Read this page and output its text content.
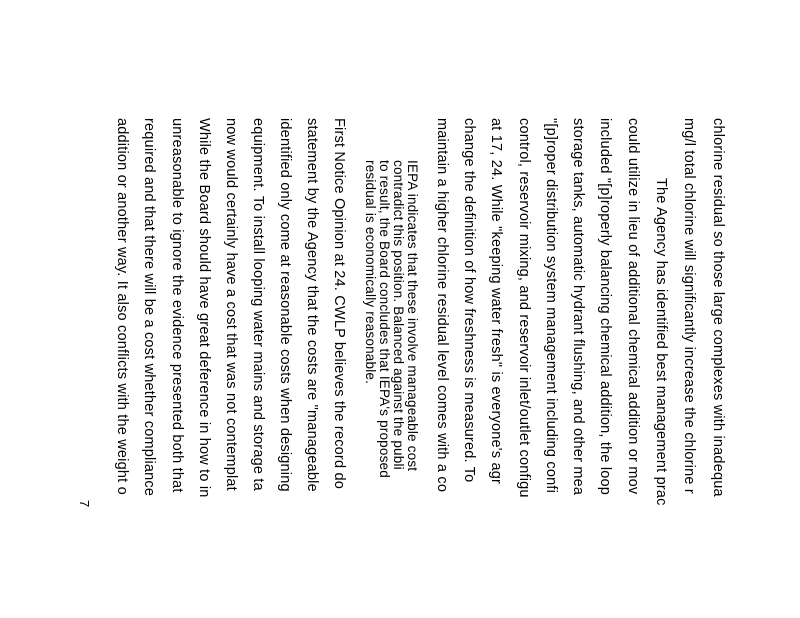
chlorine residual so those large complexes with inadequa
mg/l total chlorine will significantly increase the chlorine r
The Agency has identified best management prac
could utilize in lieu of additional chemical addition or mov
included "[p]roperly balancing chemical addition, the loop
storage tanks, automatic hydrant flushing, and other mea
"[p]roper distribution system management including confi
control, reservoir mixing, and reservoir inlet/outlet configu
at 17, 24. While "keeping water fresh" is everyone's agr
change the definition of how freshness is measured. To
maintain a higher chlorine residual level comes with a co
IEPA indicates that these involve manageable cost
contradict this position. Balanced against the publi
to result, the Board concludes that IEPA's proposed
residual is economically reasonable.
First Notice Opinion at 24. CWLP believes the record do
statement by the Agency that the costs are "manageable
identified only come at reasonable costs when designing
equipment. To install looping water mains and storage ta
now would certainly have a cost that was not contemplat
While the Board should have great deference in how to in
unreasonable to ignore the evidence presented both that
required and that there will be a cost whether compliance
addition or another way. It also conflicts with the weight o
7
